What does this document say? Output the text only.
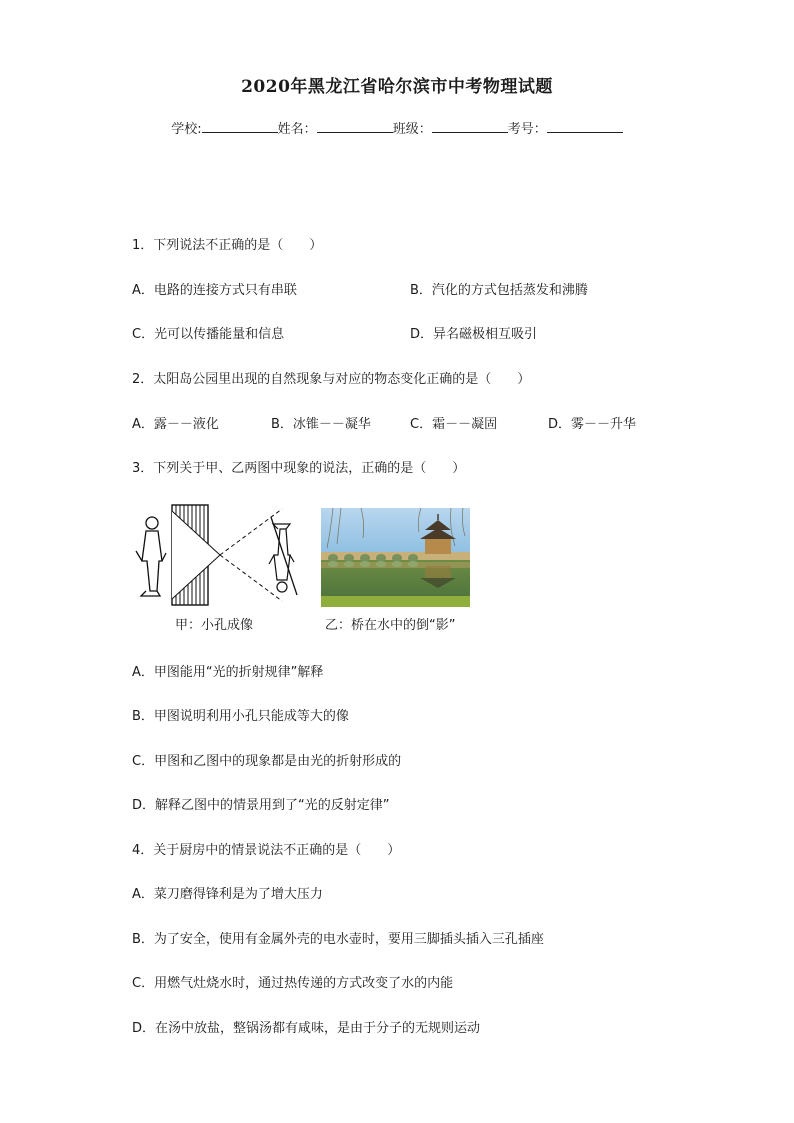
2020年黑龙江省哈尔滨市中考物理试题
学校:	姓名：	班级：	考号：
1．下列说法不正确的是（　　）
A．电路的连接方式只有串联	B．汽化的方式包括蒸发和沸腾
C．光可以传播能量和信息	D．异名磁极相互吸引
2．太阳岛公园里出现的自然现象与对应的物态变化正确的是（　　）
A．露－－液化	B．冰锥－－凝华	C．霜－－凝固	D．雾－－升华
3．下列关于甲、乙两图中现象的说法，正确的是（　　）
甲：小孔成像	乙：桥在水中的倒“影”
A．甲图能用“光的折射规律”解释
B．甲图说明利用小孔只能成等大的像
C．甲图和乙图中的现象都是由光的折射形成的
D．解释乙图中的情景用到了“光的反射定律”
4．关于厨房中的情景说法不正确的是（　　）
A．菜刀磨得锋利是为了增大压力
B．为了安全，使用有金属外壳的电水壶时，要用三脚插头插入三孔插座
C．用燃气灶烧水时，通过热传递的方式改变了水的内能
D．在汤中放盐，整锅汤都有咸味，是由于分子的无规则运动
